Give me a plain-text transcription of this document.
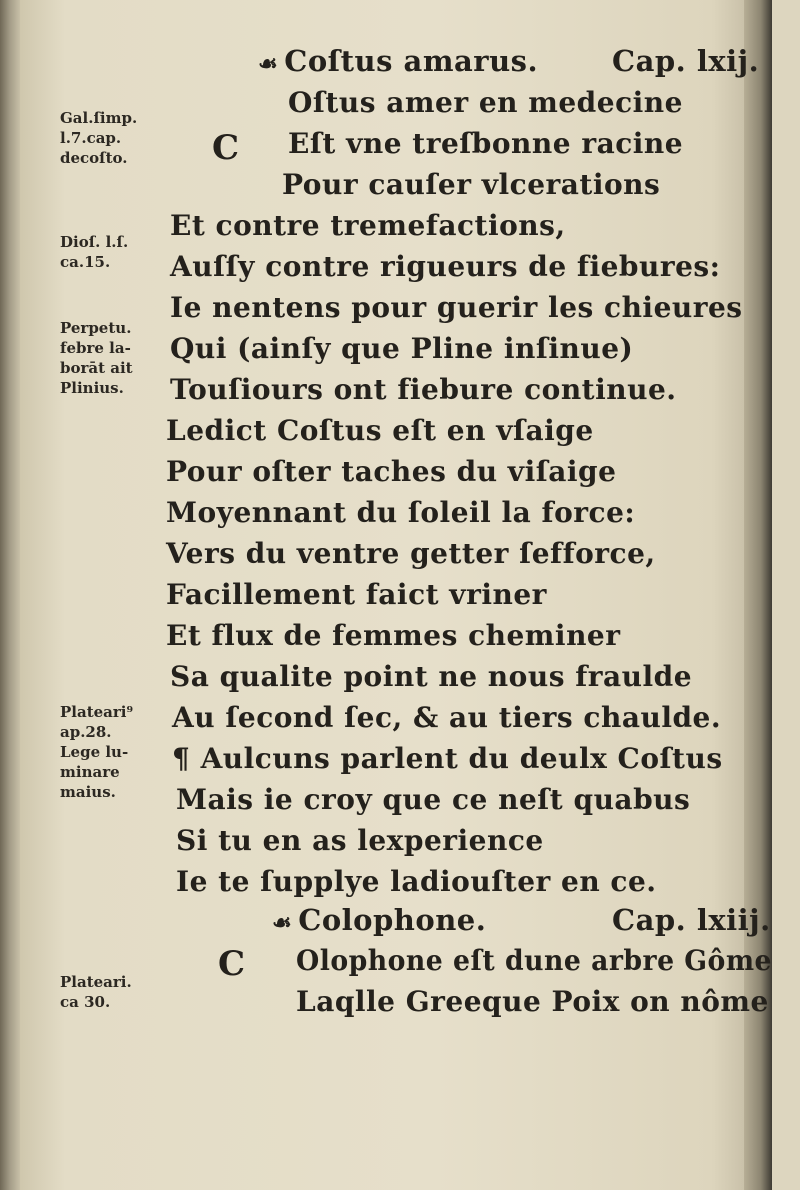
Gal.ſimp.
l.7.cap.
decoſto.
Dioſ. l.ſ.
ca.15.
Perpetu.
febre la-
borāt ait
Plinius.
Plateari⁹
ap.28.
Lege lu-
minare
maius.
Plateari.
ca 30.
☙ Coſtus amarus.	Cap. lxij.
C
Oſtus amer en medecine
Eſt vne treſbonne racine
Pour cauſer vlcerations
Et contre tremefactions,
Auſſy contre rigueurs de fiebures:
Ie nentens pour guerir les chieures
Qui (ainſy que Pline inſinue)
Touſiours ont fiebure continue.
Ledict Coſtus eſt en vſaige
Pour oſter taches du viſaige
Moyennant du ſoleil la force:
Vers du ventre getter ſefforce,
Facillement faict vriner
Et flux de femmes cheminer
Sa qualite point ne nous fraulde
Au ſecond ſec, & au tiers chaulde.
¶ Aulcuns parlent du deulx Coſtus
Mais ie croy que ce neſt quabus
Si tu en as lexperience
Ie te ſupplye ladiouſter en ce.
☙ Colophone.	Cap. lxiij.
C Olophone eſt dune arbre Gôme
Laqlle Greeque Poix on nôme
